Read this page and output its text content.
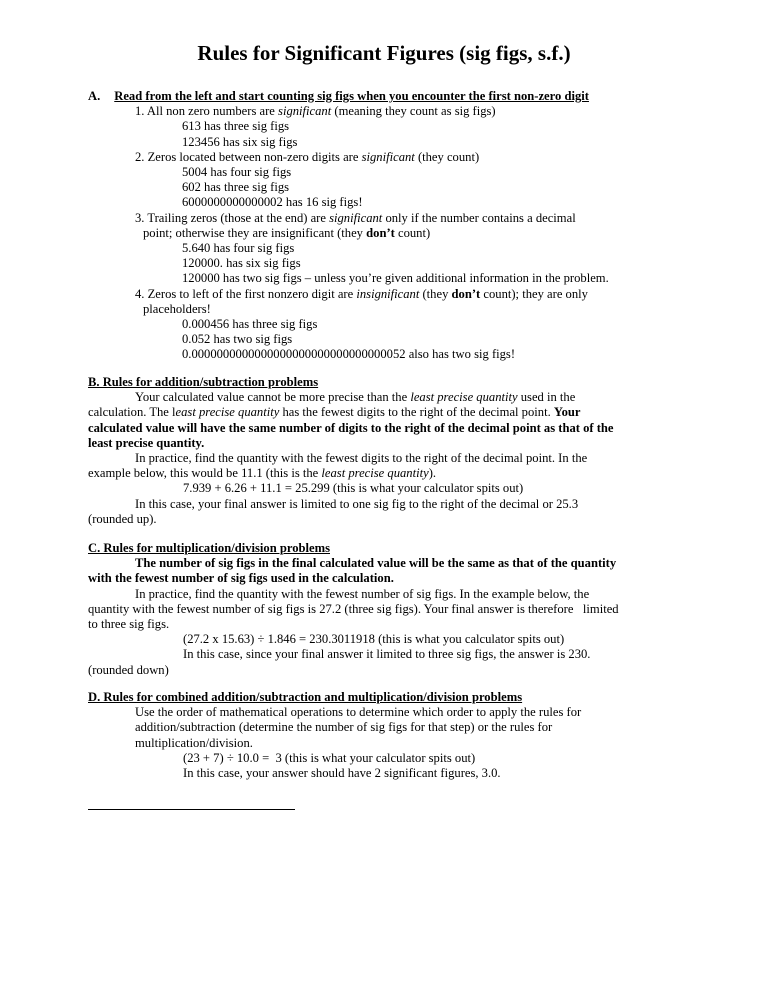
Rules for Significant Figures (sig figs, s.f.)
A. Read from the left and start counting sig figs when you encounter the first non-zero digit
1. All non zero numbers are significant (meaning they count as sig figs)
613 has three sig figs
123456 has six sig figs
2. Zeros located between non-zero digits are significant (they count)
5004 has four sig figs
602 has three sig figs
6000000000000002 has 16 sig figs!
3. Trailing zeros (those at the end) are significant only if the number contains a decimal
point; otherwise they are insignificant (they don’t count)
5.640 has four sig figs
120000. has six sig figs
120000 has two sig figs – unless you’re given additional information in the problem.
4. Zeros to left of the first nonzero digit are insignificant (they don’t count); they are only
placeholders!
0.000456 has three sig figs
0.052 has two sig figs
0.0000000000000000000000000000000052 also has two sig figs!
B. Rules for addition/subtraction problems
Your calculated value cannot be more precise than the least precise quantity used in the
calculation. The least precise quantity has the fewest digits to the right of the decimal point. Your
calculated value will have the same number of digits to the right of the decimal point as that of the
least precise quantity.
In practice, find the quantity with the fewest digits to the right of the decimal point. In the
example below, this would be 11.1 (this is the least precise quantity).
7.939 + 6.26 + 11.1 = 25.299 (this is what your calculator spits out)
In this case, your final answer is limited to one sig fig to the right of the decimal or 25.3
(rounded up).
C. Rules for multiplication/division problems
The number of sig figs in the final calculated value will be the same as that of the quantity
with the fewest number of sig figs used in the calculation.
In practice, find the quantity with the fewest number of sig figs. In the example below, the
quantity with the fewest number of sig figs is 27.2 (three sig figs). Your final answer is therefore   limited
to three sig figs.
(27.2 x 15.63) ÷ 1.846 = 230.3011918 (this is what you calculator spits out)
In this case, since your final answer it limited to three sig figs, the answer is 230.
(rounded down)
D. Rules for combined addition/subtraction and multiplication/division problems
Use the order of mathematical operations to determine which order to apply the rules for
addition/subtraction (determine the number of sig figs for that step) or the rules for
multiplication/division.
(23 + 7) ÷ 10.0 =  3 (this is what your calculator spits out)
In this case, your answer should have 2 significant figures, 3.0.
